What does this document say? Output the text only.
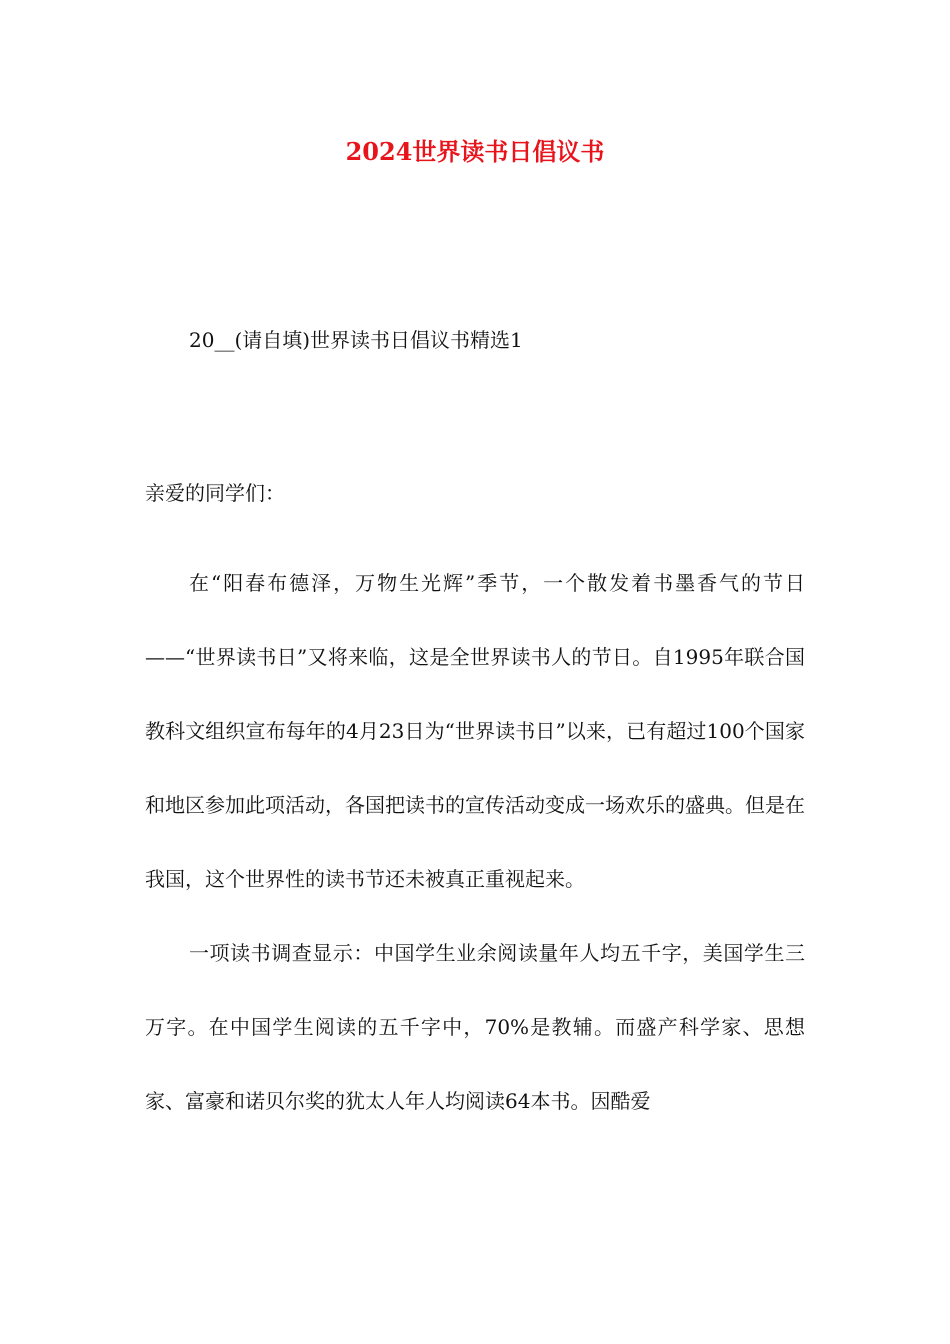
2024世界读书日倡议书

20__(请自填)世界读书日倡议书精选1

亲爱的同学们：

在“阳春布德泽，万物生光辉”季节，一个散发着书墨香气的节日——“世界读书日”又将来临，这是全世界读书人的节日。自1995年联合国教科文组织宣布每年的4月23日为“世界读书日”以来，已有超过100个国家和地区参加此项活动，各国把读书的宣传活动变成一场欢乐的盛典。但是在我国，这个世界性的读书节还未被真正重视起来。

一项读书调查显示：中国学生业余阅读量年人均五千字，美国学生三万字。在中国学生阅读的五千字中，70%是教辅。而盛产科学家、思想家、富豪和诺贝尔奖的犹太人年人均阅读64本书。因酷爱
